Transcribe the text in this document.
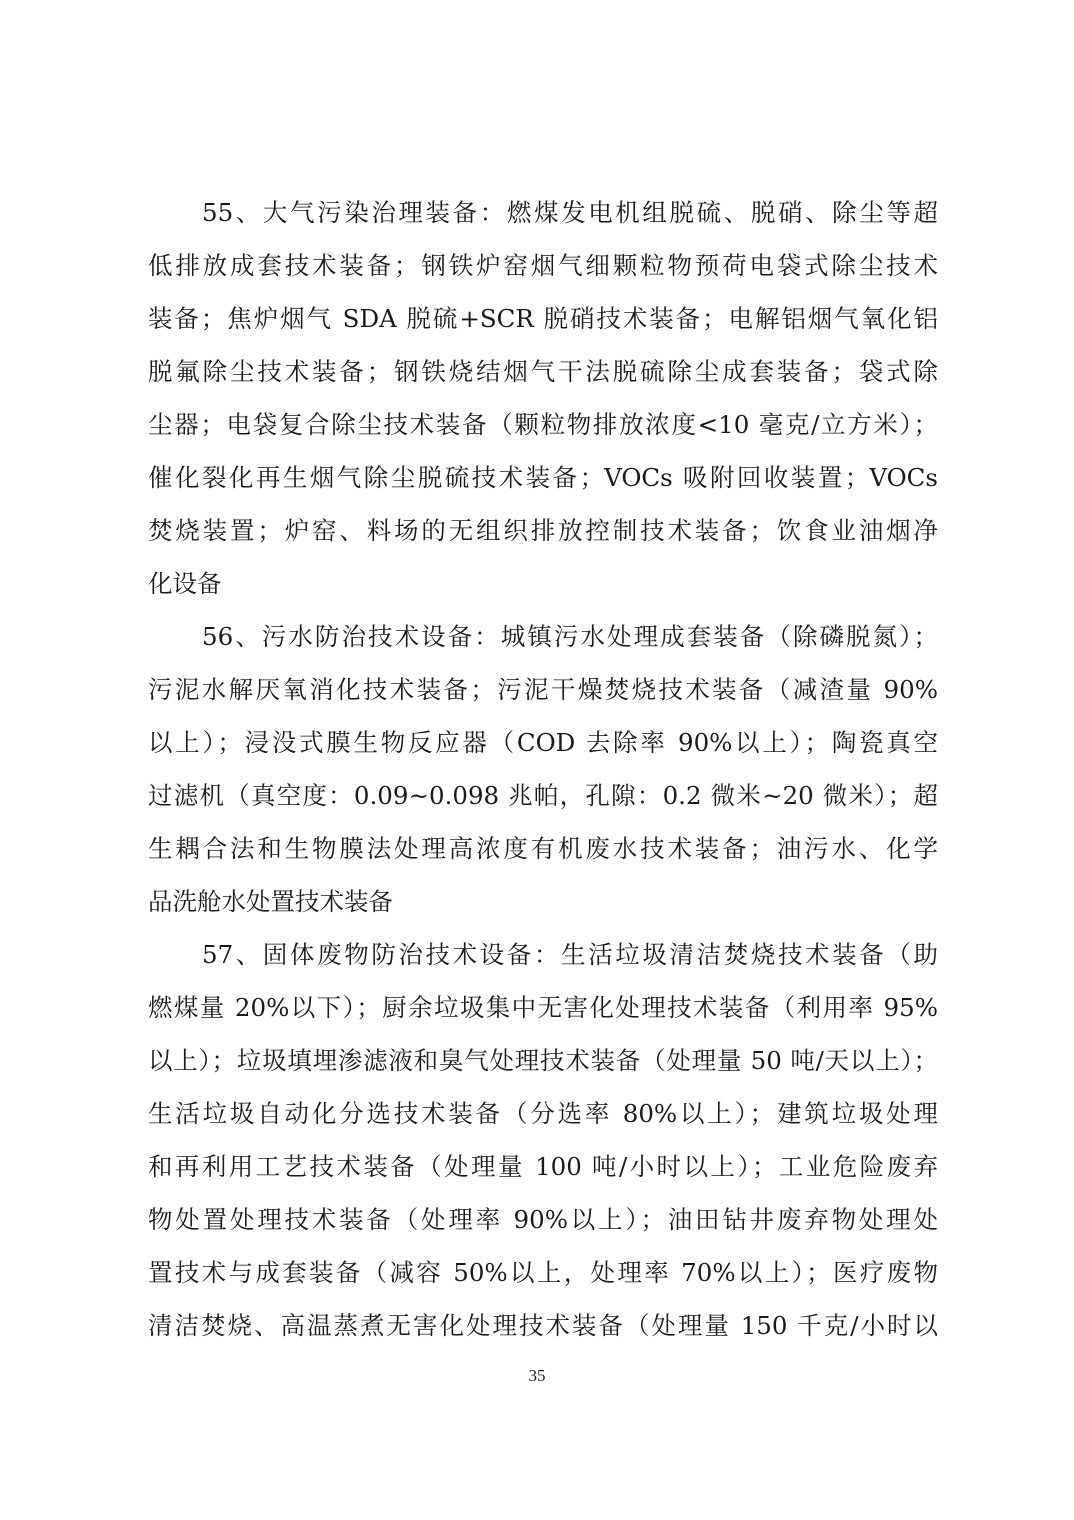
55、大气污染治理装备：燃煤发电机组脱硫、脱硝、除尘等超
低排放成套技术装备；钢铁炉窑烟气细颗粒物预荷电袋式除尘技术
装备；焦炉烟气 SDA 脱硫+SCR 脱硝技术装备；电解铝烟气氧化铝
脱氟除尘技术装备；钢铁烧结烟气干法脱硫除尘成套装备；袋式除
尘器；电袋复合除尘技术装备（颗粒物排放浓度<10 毫克/立方米）；
催化裂化再生烟气除尘脱硫技术装备；VOCs 吸附回收装置；VOCs
焚烧装置；炉窑、料场的无组织排放控制技术装备；饮食业油烟净
化设备
56、污水防治技术设备：城镇污水处理成套装备（除磷脱氮）；
污泥水解厌氧消化技术装备；污泥干燥焚烧技术装备（减渣量 90%
以上）；浸没式膜生物反应器（COD 去除率 90%以上）；陶瓷真空
过滤机（真空度：0.09~0.098 兆帕，孔隙：0.2 微米~20 微米）；超
生耦合法和生物膜法处理高浓度有机废水技术装备；油污水、化学
品洗舱水处置技术装备
57、固体废物防治技术设备：生活垃圾清洁焚烧技术装备（助
燃煤量 20%以下）；厨余垃圾集中无害化处理技术装备（利用率 95%
以上）；垃圾填埋渗滤液和臭气处理技术装备（处理量 50 吨/天以上）；
生活垃圾自动化分选技术装备（分选率 80%以上）；建筑垃圾处理
和再利用工艺技术装备（处理量 100 吨/小时以上）；工业危险废弃
物处置处理技术装备（处理率 90%以上）；油田钻井废弃物处理处
置技术与成套装备（减容 50%以上，处理率 70%以上）；医疗废物
清洁焚烧、高温蒸煮无害化处理技术装备（处理量 150 千克/小时以
35
